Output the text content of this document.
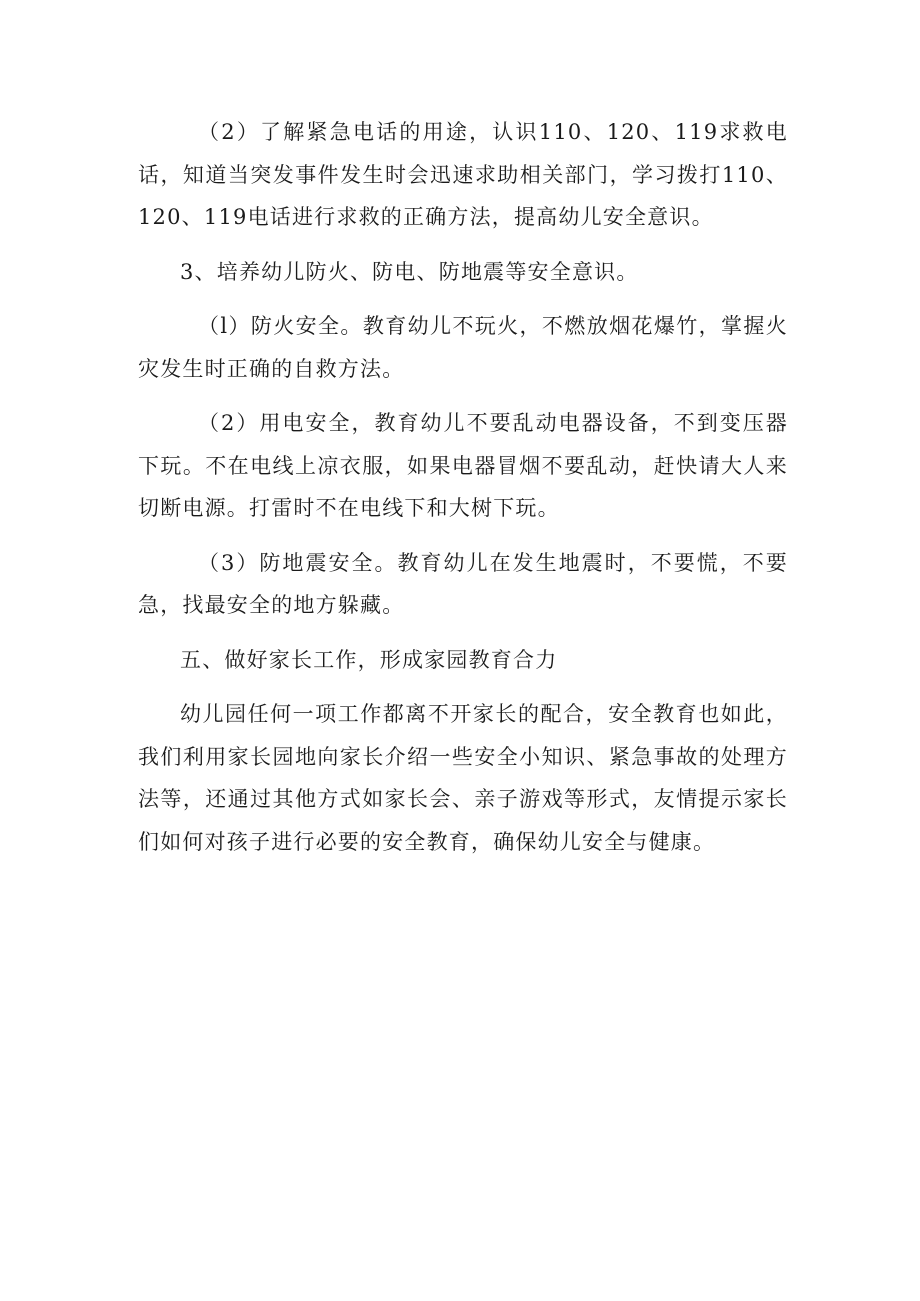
（2）了解紧急电话的用途，认识110、120、119求救电话，知道当突发事件发生时会迅速求助相关部门，学习拨打110、120、119电话进行求救的正确方法，提高幼儿安全意识。

3、培养幼儿防火、防电、防地震等安全意识。

（l）防火安全。教育幼儿不玩火，不燃放烟花爆竹，掌握火灾发生时正确的自救方法。

（2）用电安全，教育幼儿不要乱动电器设备，不到变压器下玩。不在电线上凉衣服，如果电器冒烟不要乱动，赶快请大人来切断电源。打雷时不在电线下和大树下玩。

（3）防地震安全。教育幼儿在发生地震时，不要慌，不要急，找最安全的地方躲藏。

五、做好家长工作，形成家园教育合力

幼儿园任何一项工作都离不开家长的配合，安全教育也如此，我们利用家长园地向家长介绍一些安全小知识、紧急事故的处理方法等，还通过其他方式如家长会、亲子游戏等形式，友情提示家长们如何对孩子进行必要的安全教育，确保幼儿安全与健康。
